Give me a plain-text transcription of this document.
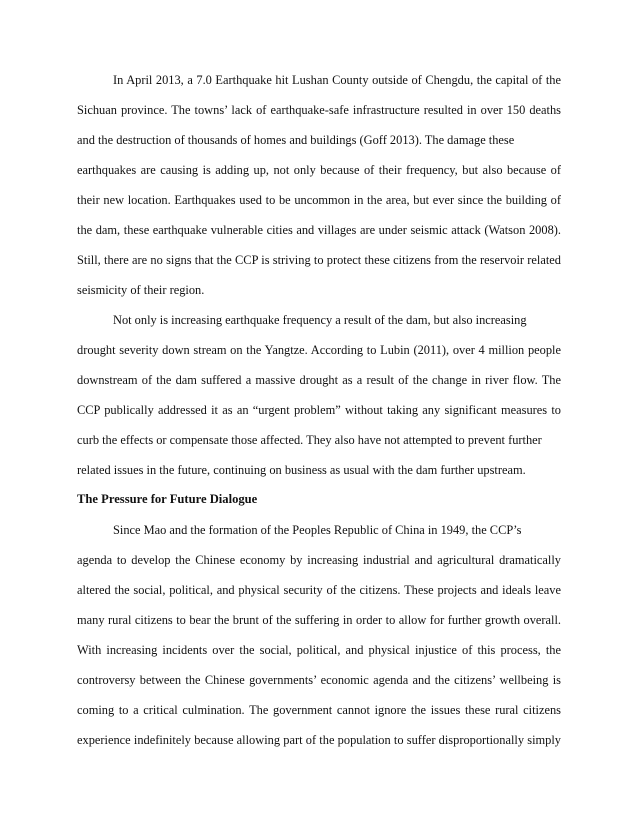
In April 2013, a 7.0 Earthquake hit Lushan County outside of Chengdu, the capital of the
Sichuan province. The towns’ lack of earthquake-safe infrastructure resulted in over 150 deaths
and the destruction of thousands of homes and buildings (Goff 2013). The damage these
earthquakes are causing is adding up, not only because of their frequency, but also because of
their new location. Earthquakes used to be uncommon in the area, but ever since the building of
the dam, these earthquake vulnerable cities and villages are under seismic attack (Watson 2008).
Still, there are no signs that the CCP is striving to protect these citizens from the reservoir related
seismicity of their region.
Not only is increasing earthquake frequency a result of the dam, but also increasing
drought severity down stream on the Yangtze. According to Lubin (2011), over 4 million people
downstream of the dam suffered a massive drought as a result of the change in river flow. The
CCP publically addressed it as an “urgent problem” without taking any significant measures to
curb the effects or compensate those affected. They also have not attempted to prevent further
related issues in the future, continuing on business as usual with the dam further upstream.
The Pressure for Future Dialogue
Since Mao and the formation of the Peoples Republic of China in 1949, the CCP’s
agenda to develop the Chinese economy by increasing industrial and agricultural dramatically
altered the social, political, and physical security of the citizens. These projects and ideals leave
many rural citizens to bear the brunt of the suffering in order to allow for further growth overall.
With increasing incidents over the social, political, and physical injustice of this process, the
controversy between the Chinese governments’ economic agenda and the citizens’ wellbeing is
coming to a critical culmination. The government cannot ignore the issues these rural citizens
experience indefinitely because allowing part of the population to suffer disproportionally simply
